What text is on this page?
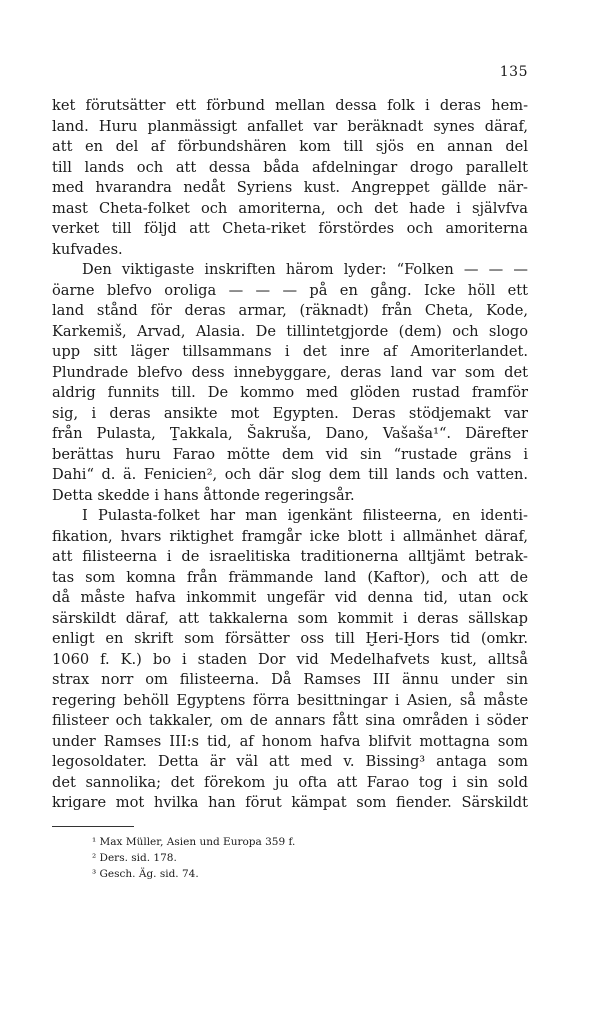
135

ket förutsätter ett förbund mellan dessa folk i deras hem-
land. Huru planmässigt anfallet var beräknadt synes däraf,
att en del af förbundshären kom till sjös en annan del
till lands och att dessa båda afdelningar drogo parallelt
med hvarandra nedåt Syriens kust. Angreppet gällde när-
mast Cheta-folket och amoriterna, och det hade i självfva
verket till följd att Cheta-riket förstördes och amoriterna
kufvades.

Den viktigaste inskriften härom lyder: “Folken — — —
öarne blefvo oroliga — — — på en gång. Icke höll ett
land stånd för deras armar, (räknadt) från Cheta, Kode,
Karkemiš, Arvad, Alasia. De tillintetgjorde (dem) och slogo
upp sitt läger tillsammans i det inre af Amoriterlandet.
Plundrade blefvo dess innebyggare, deras land var som det
aldrig funnits till. De kommo med glöden rustad framför
sig, i deras ansikte mot Egypten. Deras stödjemakt var
från Pulasta, Ṯakkala, Šakruša, Dano, Vašaša¹“. Därefter
berättas huru Farao mötte dem vid sin “rustade gräns i
Dahi“ d. ä. Fenicien², och där slog dem till lands och vatten.
Detta skedde i hans åttonde regeringsår.

I Pulasta-folket har man igenkänt filisteerna, en identi-
fikation, hvars riktighet framgår icke blott i allmänhet däraf,
att filisteerna i de israelitiska traditionerna alltjämt betrak-
tas som komna från främmande land (Kaftor), och att de
då måste hafva inkommit ungefär vid denna tid, utan ock
särskildt däraf, att takkalerna som kommit i deras sällskap
enligt en skrift som försätter oss till Ḫeri-Ḫors tid (omkr.
1060 f. K.) bo i staden Dor vid Medelhafvets kust, alltså
strax norr om filisteerna. Då Ramses III ännu under sin
regering behöll Egyptens förra besittningar i Asien, så måste
filisteer och takkaler, om de annars fått sina områden i söder
under Ramses III:s tid, af honom hafva blifvit mottagna som
legosoldater. Detta är väl att med v. Bissing³ antaga som
det sannolika; det förekom ju ofta att Farao tog i sin sold
krigare mot hvilka han förut kämpat som fiender. Särskildt

¹ Max Müller, Asien und Europa 359 f.
² Ders. sid. 178.
³ Gesch. Äg. sid. 74.
